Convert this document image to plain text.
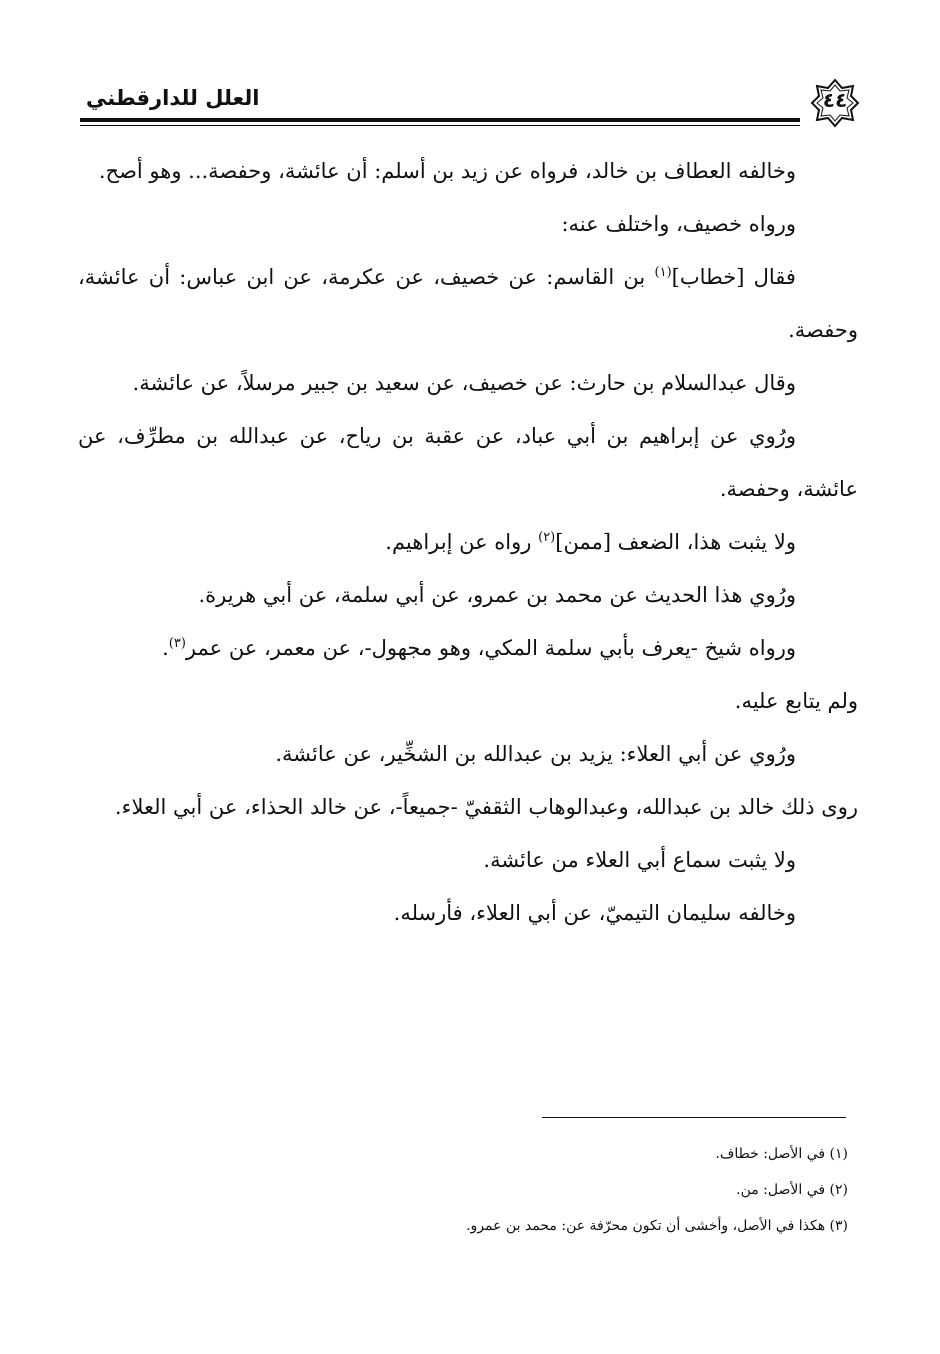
العلل للدارقطني	٤٤

وخالفه العطاف بن خالد، فرواه عن زيد بن أسلم: أن عائشة، وحفصة... وهو أصح.

ورواه خصيف، واختلف عنه:

فقال [خطاب]$^{(١)}$ بن القاسم: عن خصيف، عن عكرمة، عن ابن عباس: أن عائشة، وحفصة.

وقال عبدالسلام بن حارث: عن خصيف، عن سعيد بن جبير مرسلاً، عن عائشة.

ورُوي عن إبراهيم بن أبي عباد، عن عقبة بن رياح، عن عبدالله بن مطرِّف، عن عائشة، وحفصة.

ولا يثبت هذا، الضعف [ممن]$^{(٢)}$ رواه عن إبراهيم.

ورُوي هذا الحديث عن محمد بن عمرو، عن أبي سلمة، عن أبي هريرة.

ورواه شيخ -يعرف بأبي سلمة المكي، وهو مجهول-، عن معمر، عن عمر$^{(٣)}$.

ولم يتابع عليه.

ورُوي عن أبي العلاء: يزيد بن عبدالله بن الشخِّير، عن عائشة.

روى ذلك خالد بن عبدالله، وعبدالوهاب الثقفيّ -جميعاً-، عن خالد الحذاء، عن أبي العلاء.

ولا يثبت سماع أبي العلاء من عائشة.

وخالفه سليمان التيميّ، عن أبي العلاء، فأرسله.

(١) في الأصل: خطاف.

(٢) في الأصل: من.

(٣) هكذا في الأصل، وأخشى أن تكون محرّفة عن: محمد بن عمرو.
